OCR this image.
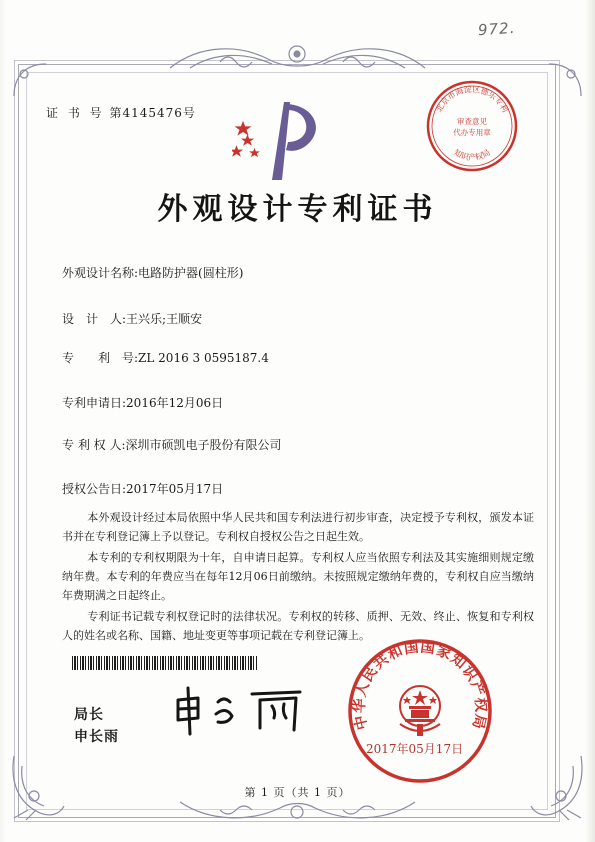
972.
证 书 号 第4145476号	北京市海淀区德乐专利
审查意见
代办专用章
知识产权局
外观设计专利证书
外观设计名称:电路防护器(圆柱形)
设　计　人:王兴乐;王顺安
专　　利　号:ZL 2016 3 0595187.4
专利申请日:2016年12月06日
专 利 权 人:深圳市硕凯电子股份有限公司
授权公告日:2017年05月17日

本外观设计经过本局依照中华人民共和国专利法进行初步审查，决定授予专利权，颁发本证书并在专利登记簿上予以登记。专利权自授权公告之日起生效。

本专利的专利权期限为十年，自申请日起算。专利权人应当依照专利法及其实施细则规定缴纳年费。本专利的年费应当在每年12月06日前缴纳。未按照规定缴纳年费的，专利权自应当缴纳年费期满之日起终止。

专利证书记载专利权登记时的法律状况。专利权的转移、质押、无效、终止、恢复和专利权人的姓名或名称、国籍、地址变更等事项记载在专利登记簿上。

局长
申长雨
中华人民共和国国家知识产权局
2017年05月17日
第 1 页（共 1 页）
